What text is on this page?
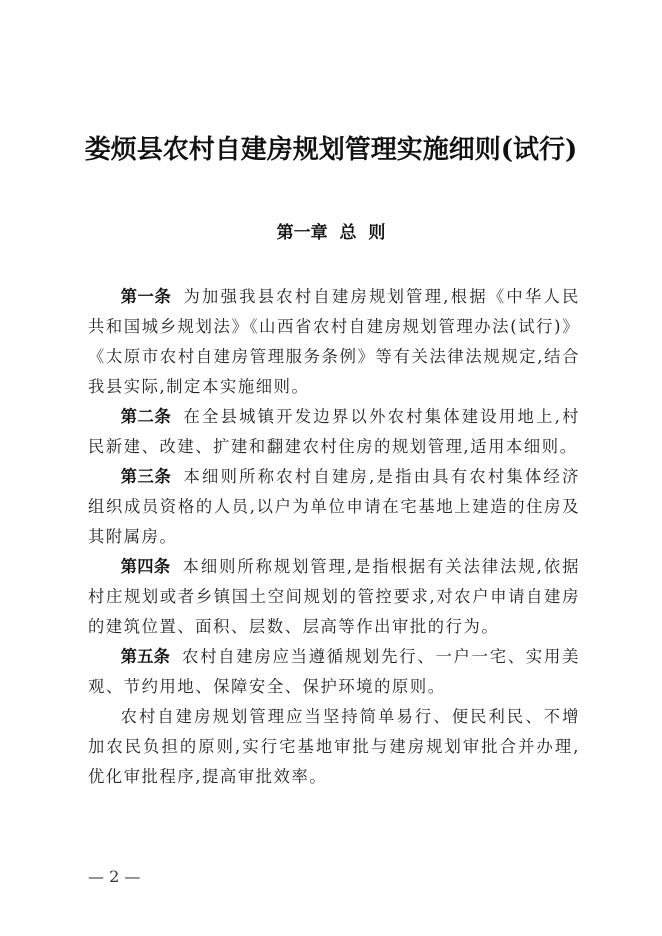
娄烦县农村自建房规划管理实施细则(试行)
第一章 总 则

第一条 为加强我县农村自建房规划管理,根据《中华人民共和国城乡规划法》《山西省农村自建房规划管理办法(试行)》《太原市农村自建房管理服务条例》等有关法律法规规定,结合我县实际,制定本实施细则。

第二条 在全县城镇开发边界以外农村集体建设用地上,村民新建、改建、扩建和翻建农村住房的规划管理,适用本细则。

第三条 本细则所称农村自建房,是指由具有农村集体经济组织成员资格的人员,以户为单位申请在宅基地上建造的住房及其附属房。

第四条 本细则所称规划管理,是指根据有关法律法规,依据村庄规划或者乡镇国土空间规划的管控要求,对农户申请自建房的建筑位置、面积、层数、层高等作出审批的行为。

第五条 农村自建房应当遵循规划先行、一户一宅、实用美观、节约用地、保障安全、保护环境的原则。

农村自建房规划管理应当坚持简单易行、便民利民、不增加农民负担的原则,实行宅基地审批与建房规划审批合并办理,优化审批程序,提高审批效率。

— 2 —
